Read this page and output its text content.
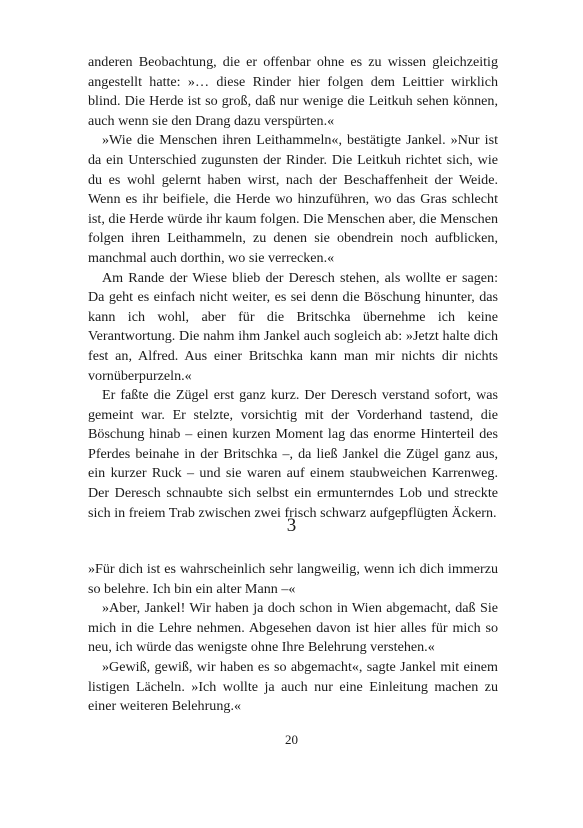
anderen Beobachtung, die er offenbar ohne es zu wissen gleichzeitig angestellt hatte: »… diese Rinder hier folgen dem Leittier wirklich blind. Die Herde ist so groß, daß nur wenige die Leitkuh sehen können, auch wenn sie den Drang dazu verspürten.«

»Wie die Menschen ihren Leithammeln«, bestätigte Jankel. »Nur ist da ein Unterschied zugunsten der Rinder. Die Leitkuh richtet sich, wie du es wohl gelernt haben wirst, nach der Beschaffenheit der Weide. Wenn es ihr beifiele, die Herde wo hinzuführen, wo das Gras schlecht ist, die Herde würde ihr kaum folgen. Die Menschen aber, die Menschen folgen ihren Leithammeln, zu denen sie obendrein noch aufblicken, manchmal auch dorthin, wo sie verrecken.«

Am Rande der Wiese blieb der Deresch stehen, als wollte er sagen: Da geht es einfach nicht weiter, es sei denn die Böschung hinunter, das kann ich wohl, aber für die Britschka übernehme ich keine Verantwortung. Die nahm ihm Jankel auch sogleich ab: »Jetzt halte dich fest an, Alfred. Aus einer Britschka kann man mir nichts dir nichts vornüberpurzeln.«

Er faßte die Zügel erst ganz kurz. Der Deresch verstand sofort, was gemeint war. Er stelzte, vorsichtig mit der Vorderhand tastend, die Böschung hinab – einen kurzen Moment lag das enorme Hinterteil des Pferdes beinahe in der Britschka –, da ließ Jankel die Zügel ganz aus, ein kurzer Ruck – und sie waren auf einem staubweichen Karrenweg. Der Deresch schnaubte sich selbst ein ermunterndes Lob und streckte sich in freiem Trab zwischen zwei frisch schwarz aufgepflügten Äckern.

3

»Für dich ist es wahrscheinlich sehr langweilig, wenn ich dich immerzu so belehre. Ich bin ein alter Mann –«

»Aber, Jankel! Wir haben ja doch schon in Wien abgemacht, daß Sie mich in die Lehre nehmen. Abgesehen davon ist hier alles für mich so neu, ich würde das wenigste ohne Ihre Belehrung verstehen.«

»Gewiß, gewiß, wir haben es so abgemacht«, sagte Jankel mit einem listigen Lächeln. »Ich wollte ja auch nur eine Einleitung machen zu einer weiteren Belehrung.«

20
